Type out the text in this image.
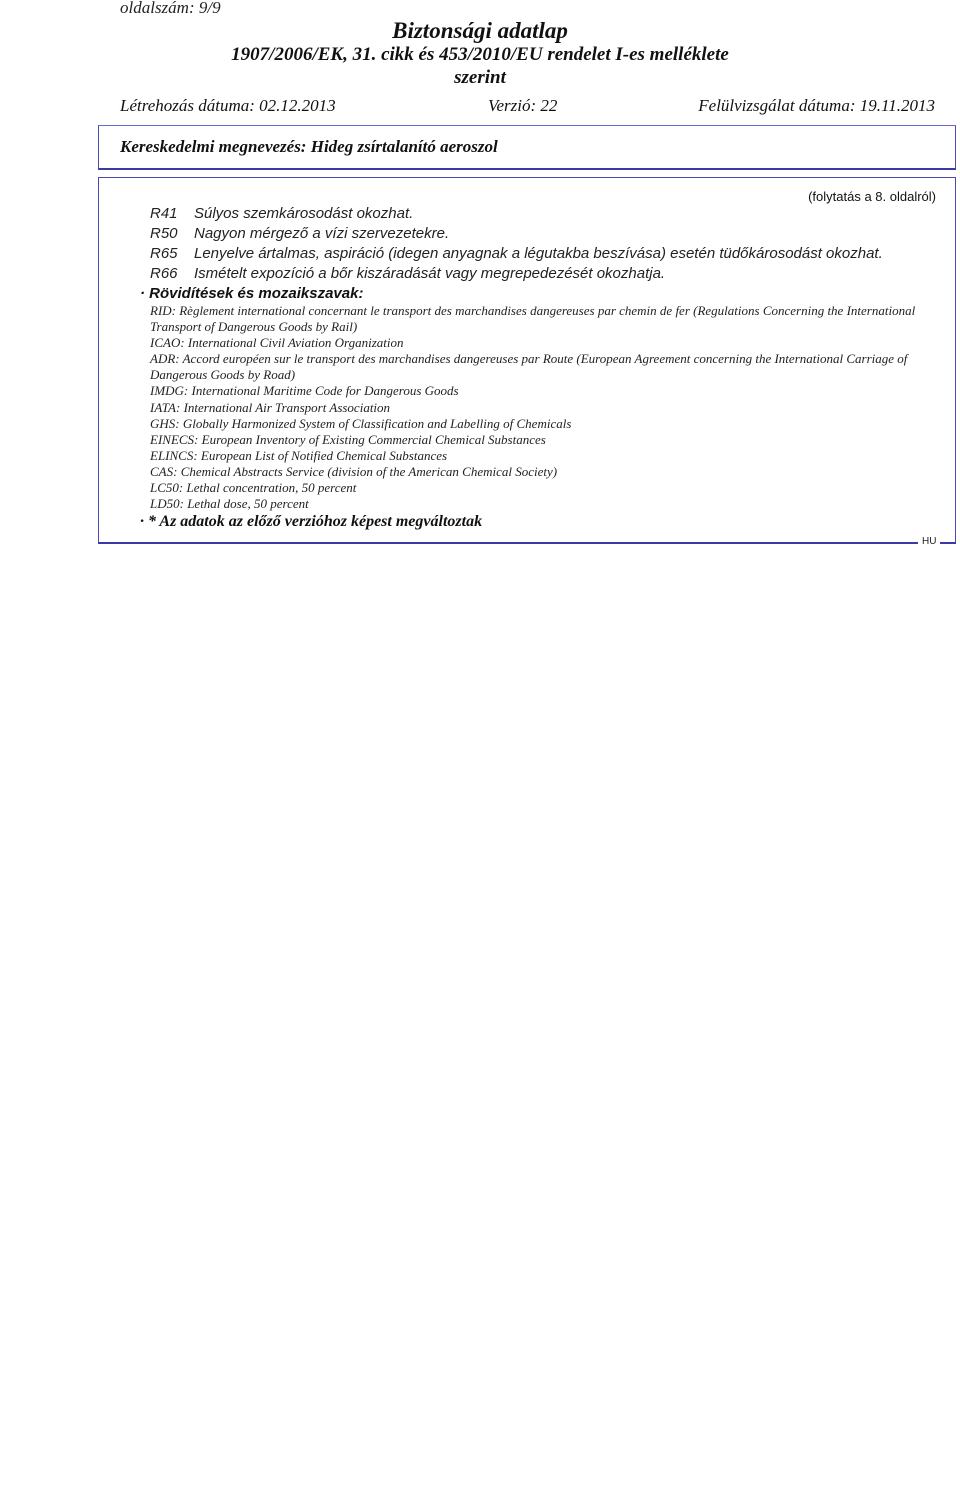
oldalszám: 9/9
Biztonsági adatlap
1907/2006/EK, 31. cikk és 453/2010/EU rendelet I-es melléklete
szerint
Létrehozás dátuma: 02.12.2013	Verzió: 22	Felülvizsgálat dátuma: 19.11.2013
Kereskedelmi megnevezés: Hideg zsírtalanító aeroszol
(folytatás a 8. oldalról)
R41 Súlyos szemkárosodást okozhat.
R50 Nagyon mérgező a vízi szervezetekre.
R65 Lenyelve ártalmas, aspiráció (idegen anyagnak a légutakba beszívása) esetén tüdőkárosodást okozhat.
R66 Ismételt expozíció a bőr kiszáradását vagy megrepedezését okozhatja.
· Rövidítések és mozaikszavak:
RID: Règlement international concernant le transport des marchandises dangereuses par chemin de fer (Regulations Concerning the International Transport of Dangerous Goods by Rail)
ICAO: International Civil Aviation Organization
ADR: Accord européen sur le transport des marchandises dangereuses par Route (European Agreement concerning the International Carriage of Dangerous Goods by Road)
IMDG: International Maritime Code for Dangerous Goods
IATA: International Air Transport Association
GHS: Globally Harmonized System of Classification and Labelling of Chemicals
EINECS: European Inventory of Existing Commercial Chemical Substances
ELINCS: European List of Notified Chemical Substances
CAS: Chemical Abstracts Service (division of the American Chemical Society)
LC50: Lethal concentration, 50 percent
LD50: Lethal dose, 50 percent
· * Az adatok az előző verzióhoz képest megváltoztak
HU
